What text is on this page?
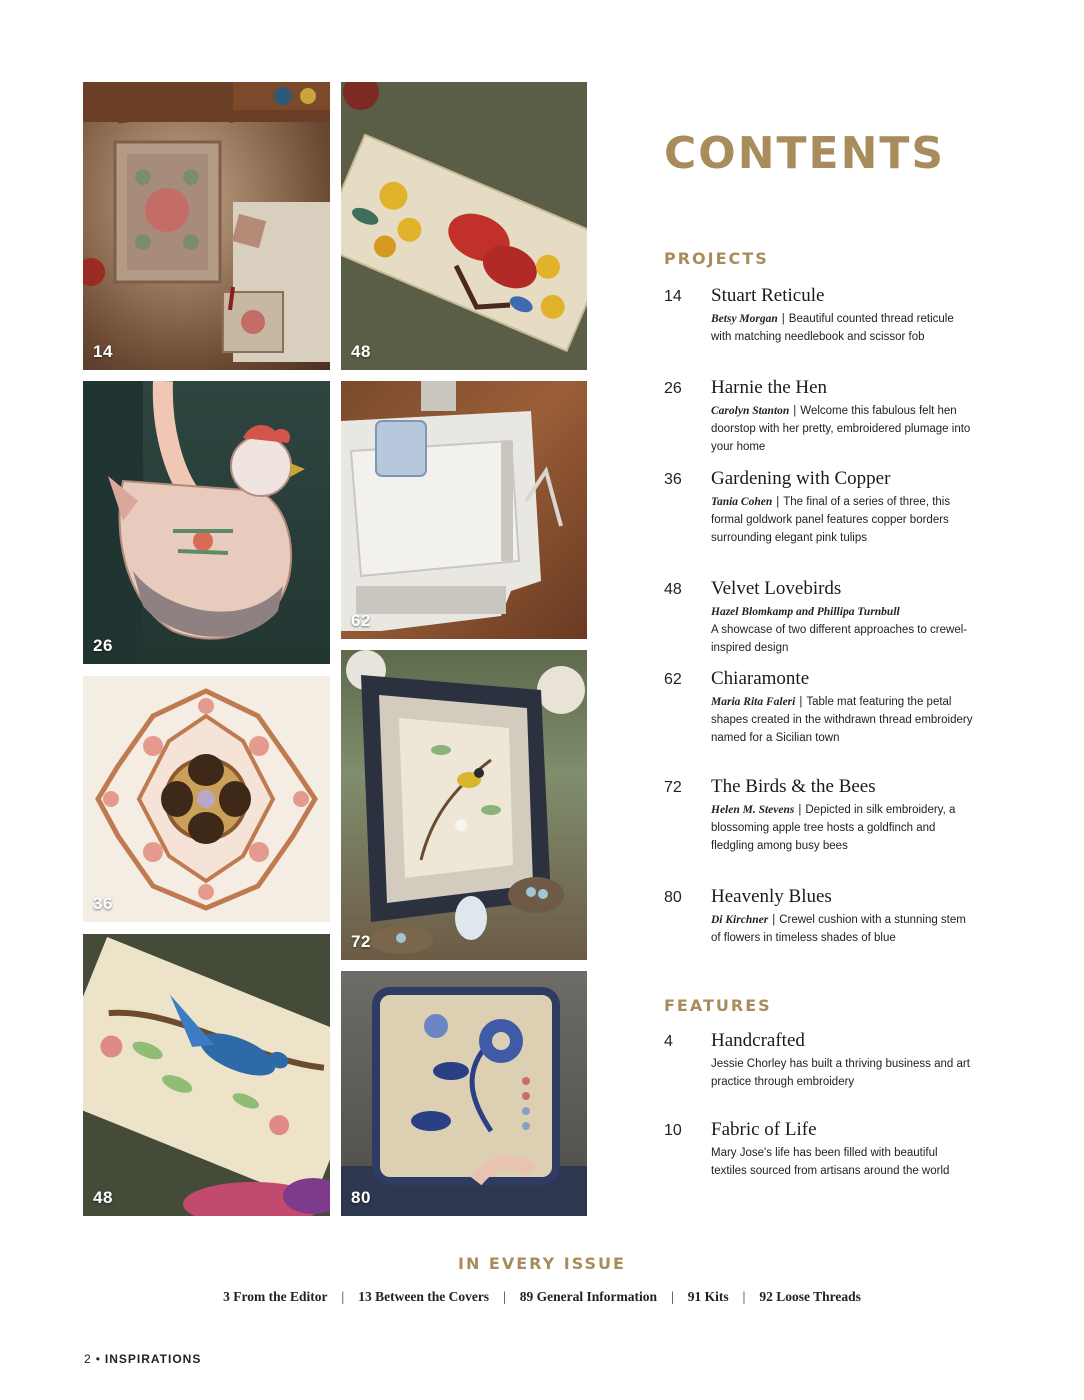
14	48
26
62
36
72
48	80
CONTENTS
PROJECTS
14	Stuart Reticule
Betsy Morgan | Beautiful counted thread reticule with matching needlebook and scissor fob
26	Harnie the Hen
Carolyn Stanton | Welcome this fabulous felt hen doorstop with her pretty, embroidered plumage into your home
36	Gardening with Copper
Tania Cohen | The final of a series of three, this formal goldwork panel features copper borders surrounding elegant pink tulips
48	Velvet Lovebirds
Hazel Blomkamp and Phillipa Turnbull
A showcase of two different approaches to crewel-inspired design
62	Chiaramonte
Maria Rita Faleri | Table mat featuring the petal shapes created in the withdrawn thread embroidery named for a Sicilian town
72	The Birds & the Bees
Helen M. Stevens | Depicted in silk embroidery, a blossoming apple tree hosts a goldfinch and fledgling among busy bees
80	Heavenly Blues
Di Kirchner | Crewel cushion with a stunning stem of flowers in timeless shades of blue
FEATURES
4	Handcrafted
Jessie Chorley has built a thriving business and art practice through embroidery
10	Fabric of Life
Mary Jose's life has been filled with beautiful textiles sourced from artisans around the world
IN EVERY ISSUE
3 From the Editor | 13 Between the Covers | 89 General Information | 91 Kits | 92 Loose Threads
2 • INSPIRATIONS
